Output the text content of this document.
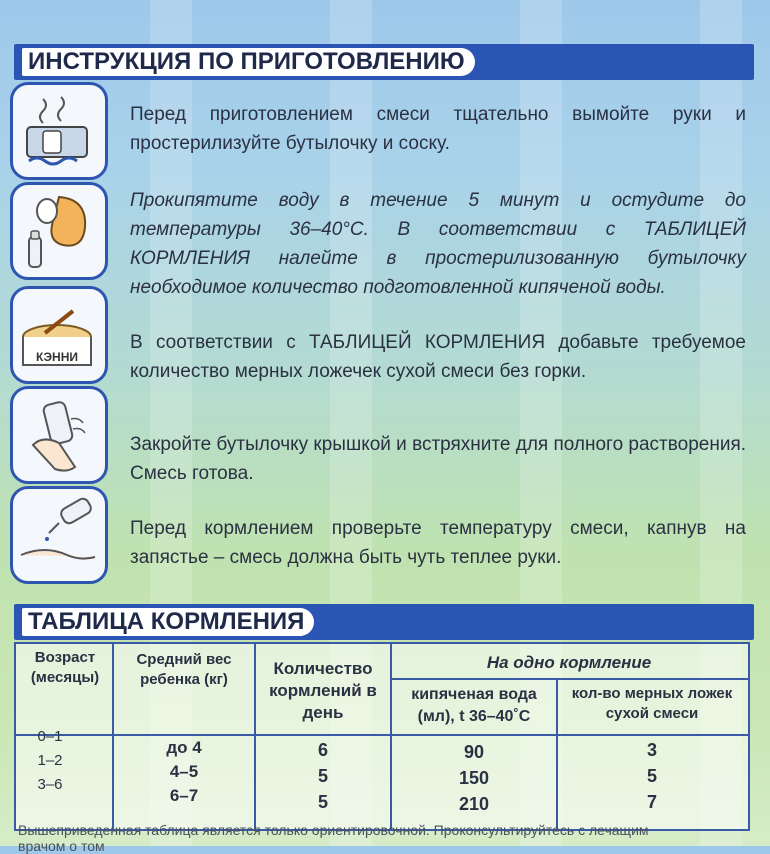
ИНСТРУКЦИЯ ПО ПРИГОТОВЛЕНИЮ
Перед приготовлением смеси тщательно вымойте руки и простерилизуйте бутылочку и соску.
Прокипятите воду в течение 5 минут и остудите до температуры 36–40°С. В соответствии с ТАБЛИЦЕЙ КОРМЛЕНИЯ налейте в простерилизованную бутылочку необходимое количество подготовленной кипяченой воды.
КЭННИ
В соответствии с ТАБЛИЦЕЙ КОРМЛЕНИЯ добавьте требуемое количество мерных ложечек сухой смеси без горки.
Закройте бутылочку крышкой и встряхните для полного растворения. Смесь готова.
Перед кормлением проверьте температуру смеси, капнув на запястье – смесь должна быть чуть теплее руки.
ТАБЛИЦА КОРМЛЕНИЯ
Возраст (месяцы)
Средний вес ребенка (кг)
Количество кормлений в день
На одно кормление
кипяченая вода (мл), t 36–40˚С
кол-во мерных ложек сухой смеси
0–1
1–2
3–6
до 4
4–5
6–7
6
5
5
90
150
210
3
5
7
Вышеприведенная таблица является только ориентировочной. Проконсультируйтесь с лечащим
врачом о том
